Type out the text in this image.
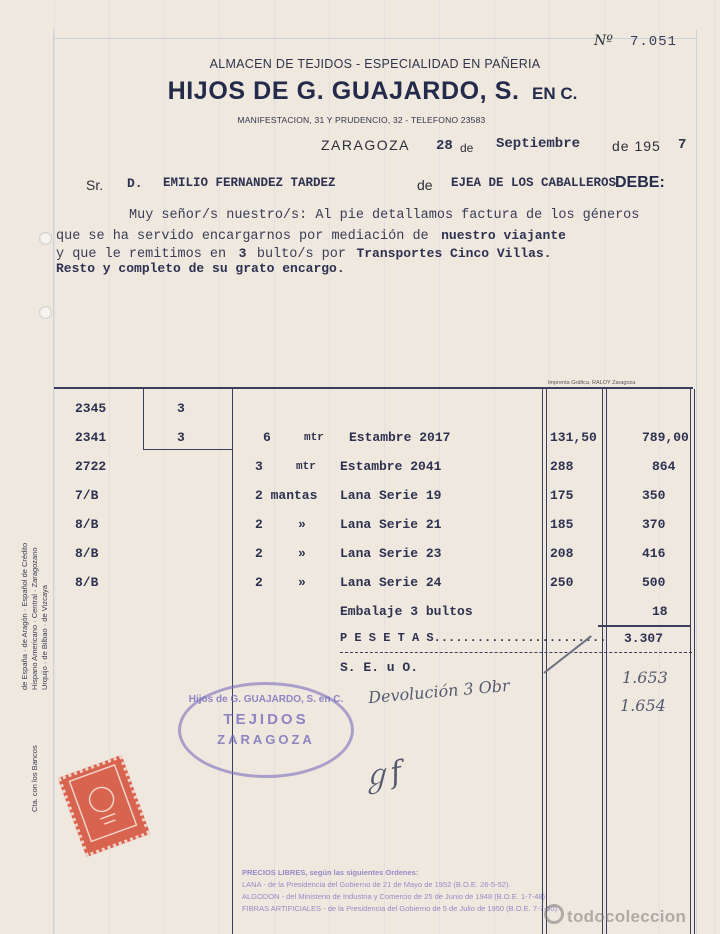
Nº 7.051
ALMACEN DE TEJIDOS - ESPECIALIDAD EN PAÑERIA
HIJOS DE G. GUAJARDO, S. EN C.
MANIFESTACION, 31 Y PRUDENCIO, 32 - TELEFONO 23583
ZARAGOZA 28 de Septiembre de 195 7
Sr. D. EMILIO FERNANDEZ TARDEZ	de EJEA DE LOS CABALLEROS
DEBE:
Muy señor/s nuestro/s: Al pie detallamos factura de los géneros
que se ha servido encargarnos por mediación de nuestro viajante
y que le remitimos en 3 bulto/s por Transportes Cinco Villas.
Resto y completo de su grato encargo.
Imprenta Gráfica, RALOY Zaragoza
2345	3
2341	3	6	mtr Estambre 2017	131,50	789,00
2722	3	mtr Estambre 2041	288	864
7/B	2 mantas Lana Serie 19	175	350
8/B	2	»	Lana Serie 21	185	370
8/B	2	»	Lana Serie 23	208	416
8/B	2	»	Lana Serie 24	250	500
Embalaje 3 bultos	18
P E S E T A S........................ 3.307
S. E. u O.
Devolución 3 Obr	1.653
1.654
ℊf
Hijos de G. GUAJARDO, S. en C.
TEJIDOS
ZARAGOZA
Cta. con los Bancos
de España · de Aragón · Español de Crédito Hispano Americano · Central · Zaragozano Urquijo · de Bilbao · de Vizcaya
PRECIOS LIBRES, según las siguientes Ordenes:
LANA - de la Presidencia del Gobierno de 21 de Mayo de 1952 (B.O.E. 26-5-52).
ALGODON - del Ministerio de Industria y Comercio de 25 de Junio de 1948 (B.O.E. 1-7-48).
FIBRAS ARTIFICIALES - de la Presidencia del Gobierno de 5 de Julio de 1950 (B.O.E. 7-7-50). todocoleccion
